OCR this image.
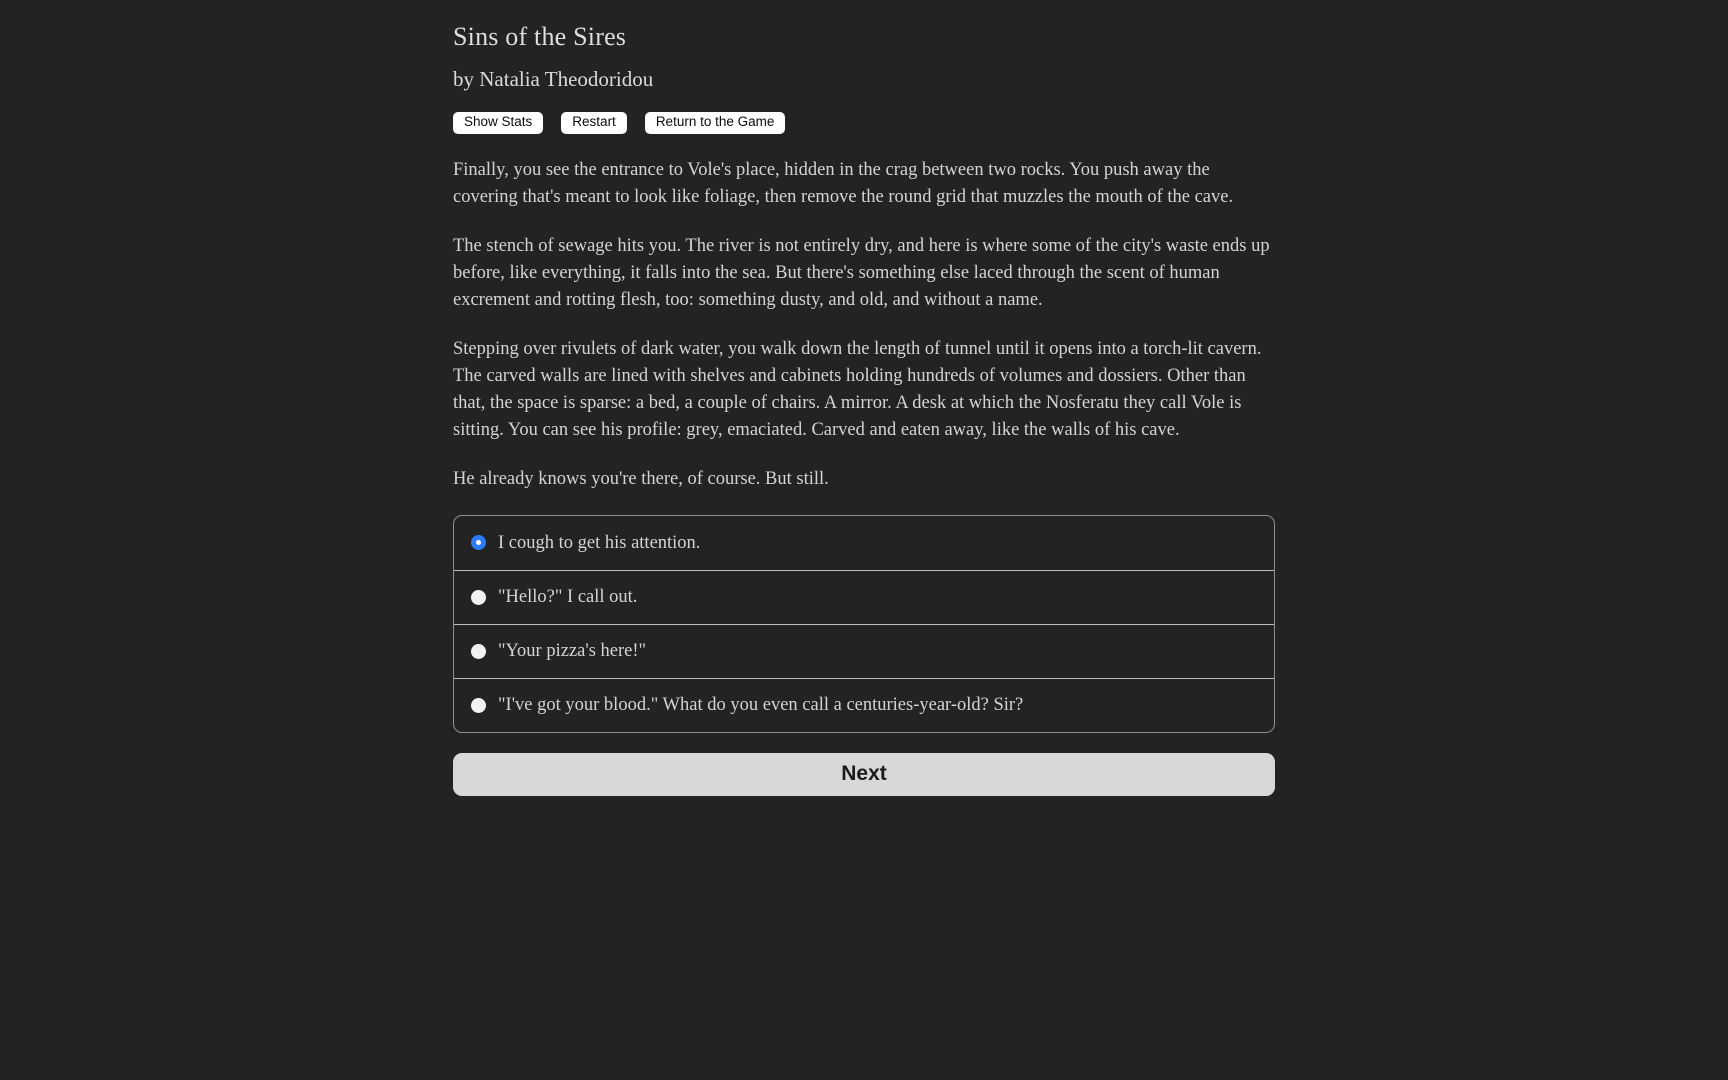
Sins of the Sires
by Natalia Theodoridou
Show Stats	Restart	Return to the Game

Finally, you see the entrance to Vole's place, hidden in the crag between two rocks. You push away the covering that's meant to look like foliage, then remove the round grid that muzzles the mouth of the cave.

The stench of sewage hits you. The river is not entirely dry, and here is where some of the city's waste ends up before, like everything, it falls into the sea. But there's something else laced through the scent of human excrement and rotting flesh, too: something dusty, and old, and without a name.

Stepping over rivulets of dark water, you walk down the length of tunnel until it opens into a torch-lit cavern. The carved walls are lined with shelves and cabinets holding hundreds of volumes and dossiers. Other than that, the space is sparse: a bed, a couple of chairs. A mirror. A desk at which the Nosferatu they call Vole is sitting. You can see his profile: grey, emaciated. Carved and eaten away, like the walls of his cave.

He already knows you're there, of course. But still.

I cough to get his attention.
"Hello?" I call out.
"Your pizza's here!"
"I've got your blood." What do you even call a centuries-year-old? Sir?
Next
